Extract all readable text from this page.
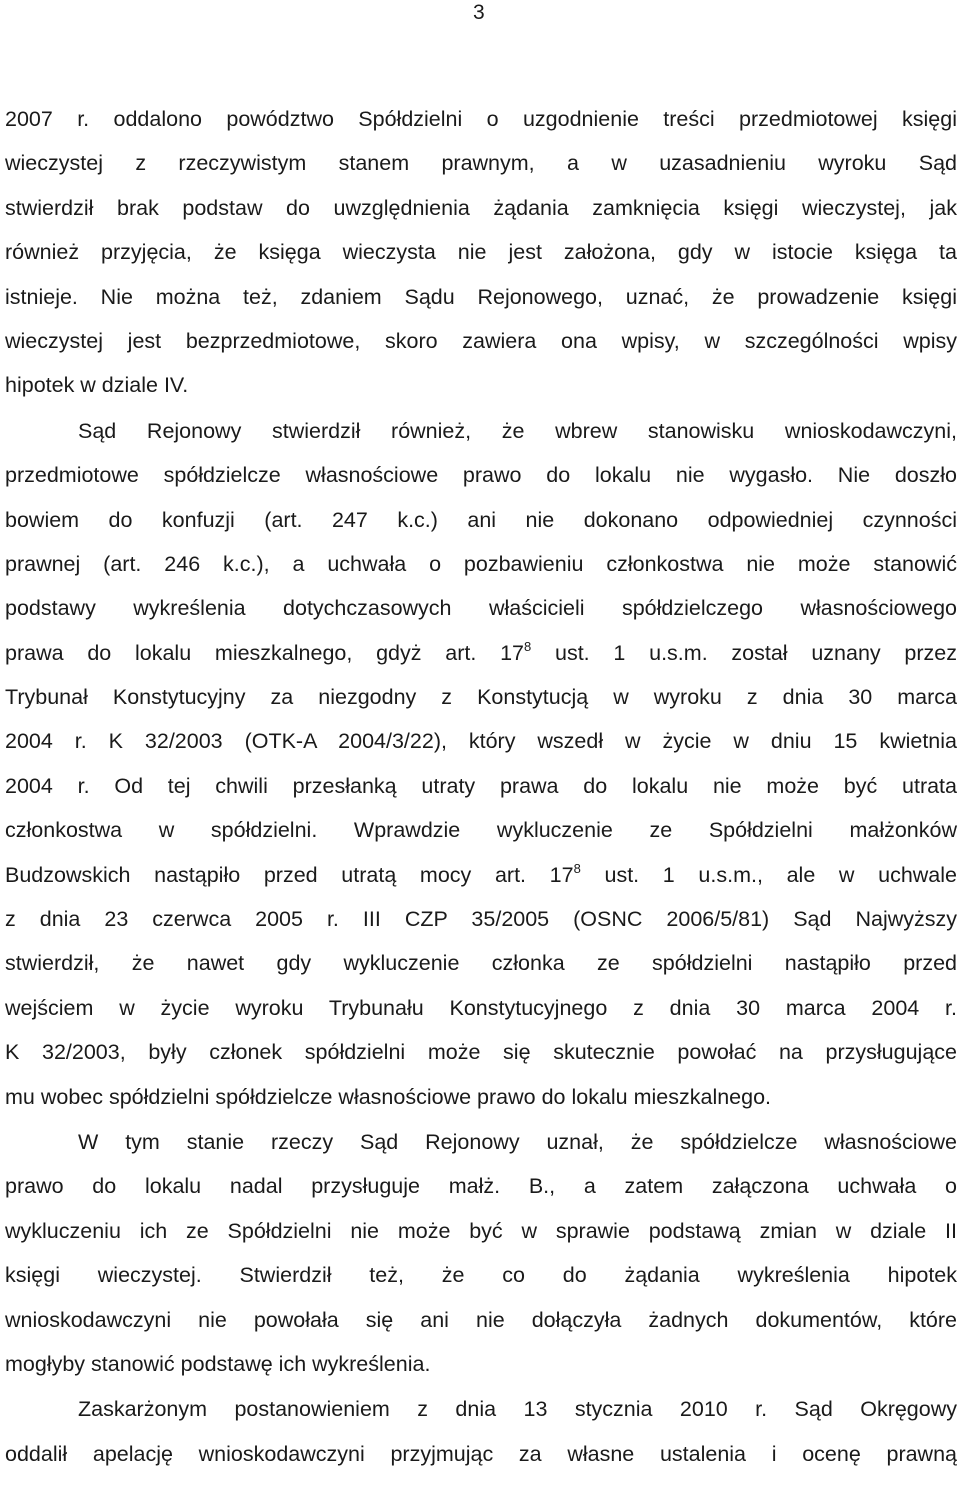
3
2007 r. oddalono powództwo Spółdzielni o uzgodnienie treści przedmiotowej księgi
wieczystej z rzeczywistym stanem prawnym, a w uzasadnieniu wyroku Sąd
stwierdził brak podstaw do uwzględnienia żądania zamknięcia księgi wieczystej, jak
również przyjęcia, że księga wieczysta nie jest założona, gdy w istocie księga ta
istnieje. Nie można też, zdaniem Sądu Rejonowego, uznać, że prowadzenie księgi
wieczystej jest bezprzedmiotowe, skoro zawiera ona wpisy, w szczególności wpisy
hipotek w dziale IV.
Sąd Rejonowy stwierdził również, że wbrew stanowisku wnioskodawczyni,
przedmiotowe spółdzielcze własnościowe prawo do lokalu nie wygasło. Nie doszło
bowiem do konfuzji (art. 247 k.c.) ani nie dokonano odpowiedniej czynności
prawnej (art. 246 k.c.), a uchwała o pozbawieniu członkostwa nie może stanowić
podstawy wykreślenia dotychczasowych właścicieli spółdzielczego własnościowego
prawa do lokalu mieszkalnego, gdyż art. $17^8$ ust. 1 u.s.m. został uznany przez
Trybunał Konstytucyjny za niezgodny z Konstytucją w wyroku z dnia 30 marca
2004 r. K 32/2003 (OTK-A 2004/3/22), który wszedł w życie w dniu 15 kwietnia
2004 r. Od tej chwili przesłanką utraty prawa do lokalu nie może być utrata
członkostwa w spółdzielni. Wprawdzie wykluczenie ze Spółdzielni małżonków
Budzowskich nastąpiło przed utratą mocy art. $17^8$ ust. 1 u.s.m., ale w uchwale
z dnia 23 czerwca 2005 r. III CZP 35/2005 (OSNC 2006/5/81) Sąd Najwyższy
stwierdził, że nawet gdy wykluczenie członka ze spółdzielni nastąpiło przed
wejściem w życie wyroku Trybunału Konstytucyjnego z dnia 30 marca 2004 r.
K 32/2003, były członek spółdzielni może się skutecznie powołać na przysługujące
mu wobec spółdzielni spółdzielcze własnościowe prawo do lokalu mieszkalnego.
W tym stanie rzeczy Sąd Rejonowy uznał, że spółdzielcze własnościowe
prawo do lokalu nadal przysługuje małż. B., a zatem załączona uchwała o
wykluczeniu ich ze Spółdzielni nie może być w sprawie podstawą zmian w dziale II
księgi wieczystej. Stwierdził też, że co do żądania wykreślenia hipotek
wnioskodawczyni nie powołała się ani nie dołączyła żadnych dokumentów, które
mogłyby stanowić podstawę ich wykreślenia.
Zaskarżonym postanowieniem z dnia 13 stycznia 2010 r. Sąd Okręgowy
oddalił apelację wnioskodawczyni przyjmując za własne ustalenia i ocenę prawną
